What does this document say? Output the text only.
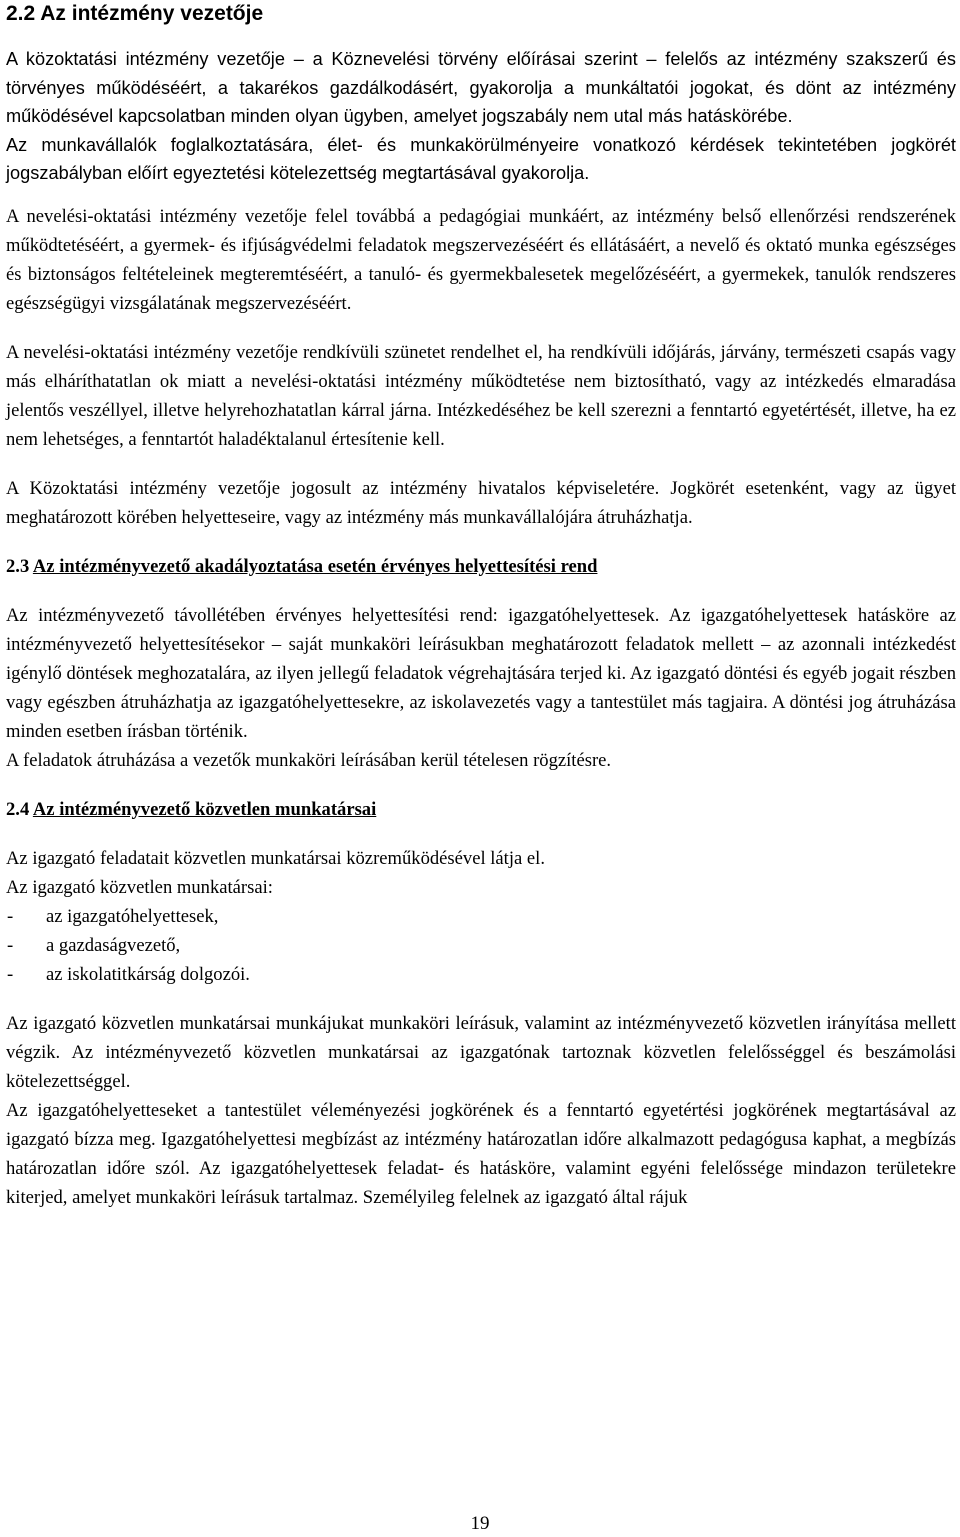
2.2 Az intézmény vezetője

A közoktatási intézmény vezetője – a Köznevelési törvény előírásai szerint – felelős az intézmény szakszerű és törvényes működéséért, a takarékos gazdálkodásért, gyakorolja a munkáltatói jogokat, és dönt az intézmény működésével kapcsolatban minden olyan ügyben, amelyet jogszabály nem utal más hatáskörébe.

Az munkavállalók foglalkoztatására, élet- és munkakörülményeire vonatkozó kérdések tekintetében jogkörét jogszabályban előírt egyeztetési kötelezettség megtartásával gyakorolja.

A nevelési-oktatási intézmény vezetője felel továbbá a pedagógiai munkáért, az intézmény belső ellenőrzési rendszerének működtetéséért, a gyermek- és ifjúságvédelmi feladatok megszervezéséért és ellátásáért, a nevelő és oktató munka egészséges és biztonságos feltételeinek megteremtéséért, a tanuló- és gyermekbalesetek megelőzéséért, a gyermekek, tanulók rendszeres egészségügyi vizsgálatának megszervezéséért.

A nevelési-oktatási intézmény vezetője rendkívüli szünetet rendelhet el, ha rendkívüli időjárás, járvány, természeti csapás vagy más elháríthatatlan ok miatt a nevelési-oktatási intézmény működtetése nem biztosítható, vagy az intézkedés elmaradása jelentős veszéllyel, illetve helyrehozhatatlan kárral járna. Intézkedéséhez be kell szerezni a fenntartó egyetértését, illetve, ha ez nem lehetséges, a fenntartót haladéktalanul értesítenie kell.

A Közoktatási intézmény vezetője jogosult az intézmény hivatalos képviseletére. Jogkörét esetenként, vagy az ügyet meghatározott körében helyetteseire, vagy az intézmény más munkavállalójára átruházhatja.

2.3 Az intézményvezető akadályoztatása esetén érvényes helyettesítési rend

Az intézményvezető távollétében érvényes helyettesítési rend: igazgatóhelyettesek. Az igazgatóhelyettesek hatásköre az intézményvezető helyettesítésekor – saját munkaköri leírásukban meghatározott feladatok mellett – az azonnali intézkedést igénylő döntések meghozatalára, az ilyen jellegű feladatok végrehajtására terjed ki. Az igazgató döntési és egyéb jogait részben vagy egészben átruházhatja az igazgatóhelyettesekre, az iskolavezetés vagy a tantestület más tagjaira. A döntési jog átruházása minden esetben írásban történik.

A feladatok átruházása a vezetők munkaköri leírásában kerül tételesen rögzítésre.

2.4 Az intézményvezető közvetlen munkatársai

Az igazgató feladatait közvetlen munkatársai közreműködésével látja el.

Az igazgató közvetlen munkatársai:

- az igazgatóhelyettesek,
- a gazdaságvezető,
- az iskolatitkárság dolgozói.

Az igazgató közvetlen munkatársai munkájukat munkaköri leírásuk, valamint az intézményvezető közvetlen irányítása mellett végzik. Az intézményvezető közvetlen munkatársai az igazgatónak tartoznak közvetlen felelősséggel és beszámolási kötelezettséggel.

Az igazgatóhelyetteseket a tantestület véleményezési jogkörének és a fenntartó egyetértési jogkörének megtartásával az igazgató bízza meg. Igazgatóhelyettesi megbízást az intézmény határozatlan időre alkalmazott pedagógusa kaphat, a megbízás határozatlan időre szól. Az igazgatóhelyettesek feladat- és hatásköre, valamint egyéni felelőssége mindazon területekre kiterjed, amelyet munkaköri leírásuk tartalmaz. Személyileg felelnek az igazgató által rájuk

19
